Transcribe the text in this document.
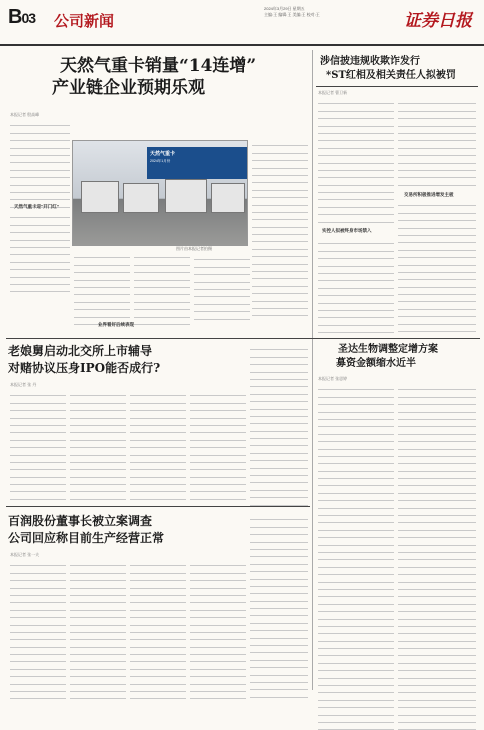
B03 公司新闻
2024年3月29日 星期五
主编:王 编辑:王 美编:王 校对:王	证券日报
天然气重卡销量“14连增”
产业链企业预期乐观
本报记者 殷高峰
天然气重卡迎“开门红”
天然气重卡
2024年1月份
图片由本报记者拍摄
业界看好后续表现
涉信披违规收欺诈发行
*ST红相及相关责任人拟被罚
本报记者 曹卫新
实控人拟被终身市场禁入
交易所积极推进增发主板
圣达生物调整定增方案
募资金额缩水近半
本报记者 张思婷
老娘舅启动北交所上市辅导
对赌协议压身IPO能否成行?
本报记者 张 丹
百润股份董事长被立案调查
公司回应称目前生产经营正常
本报记者 张一夫
